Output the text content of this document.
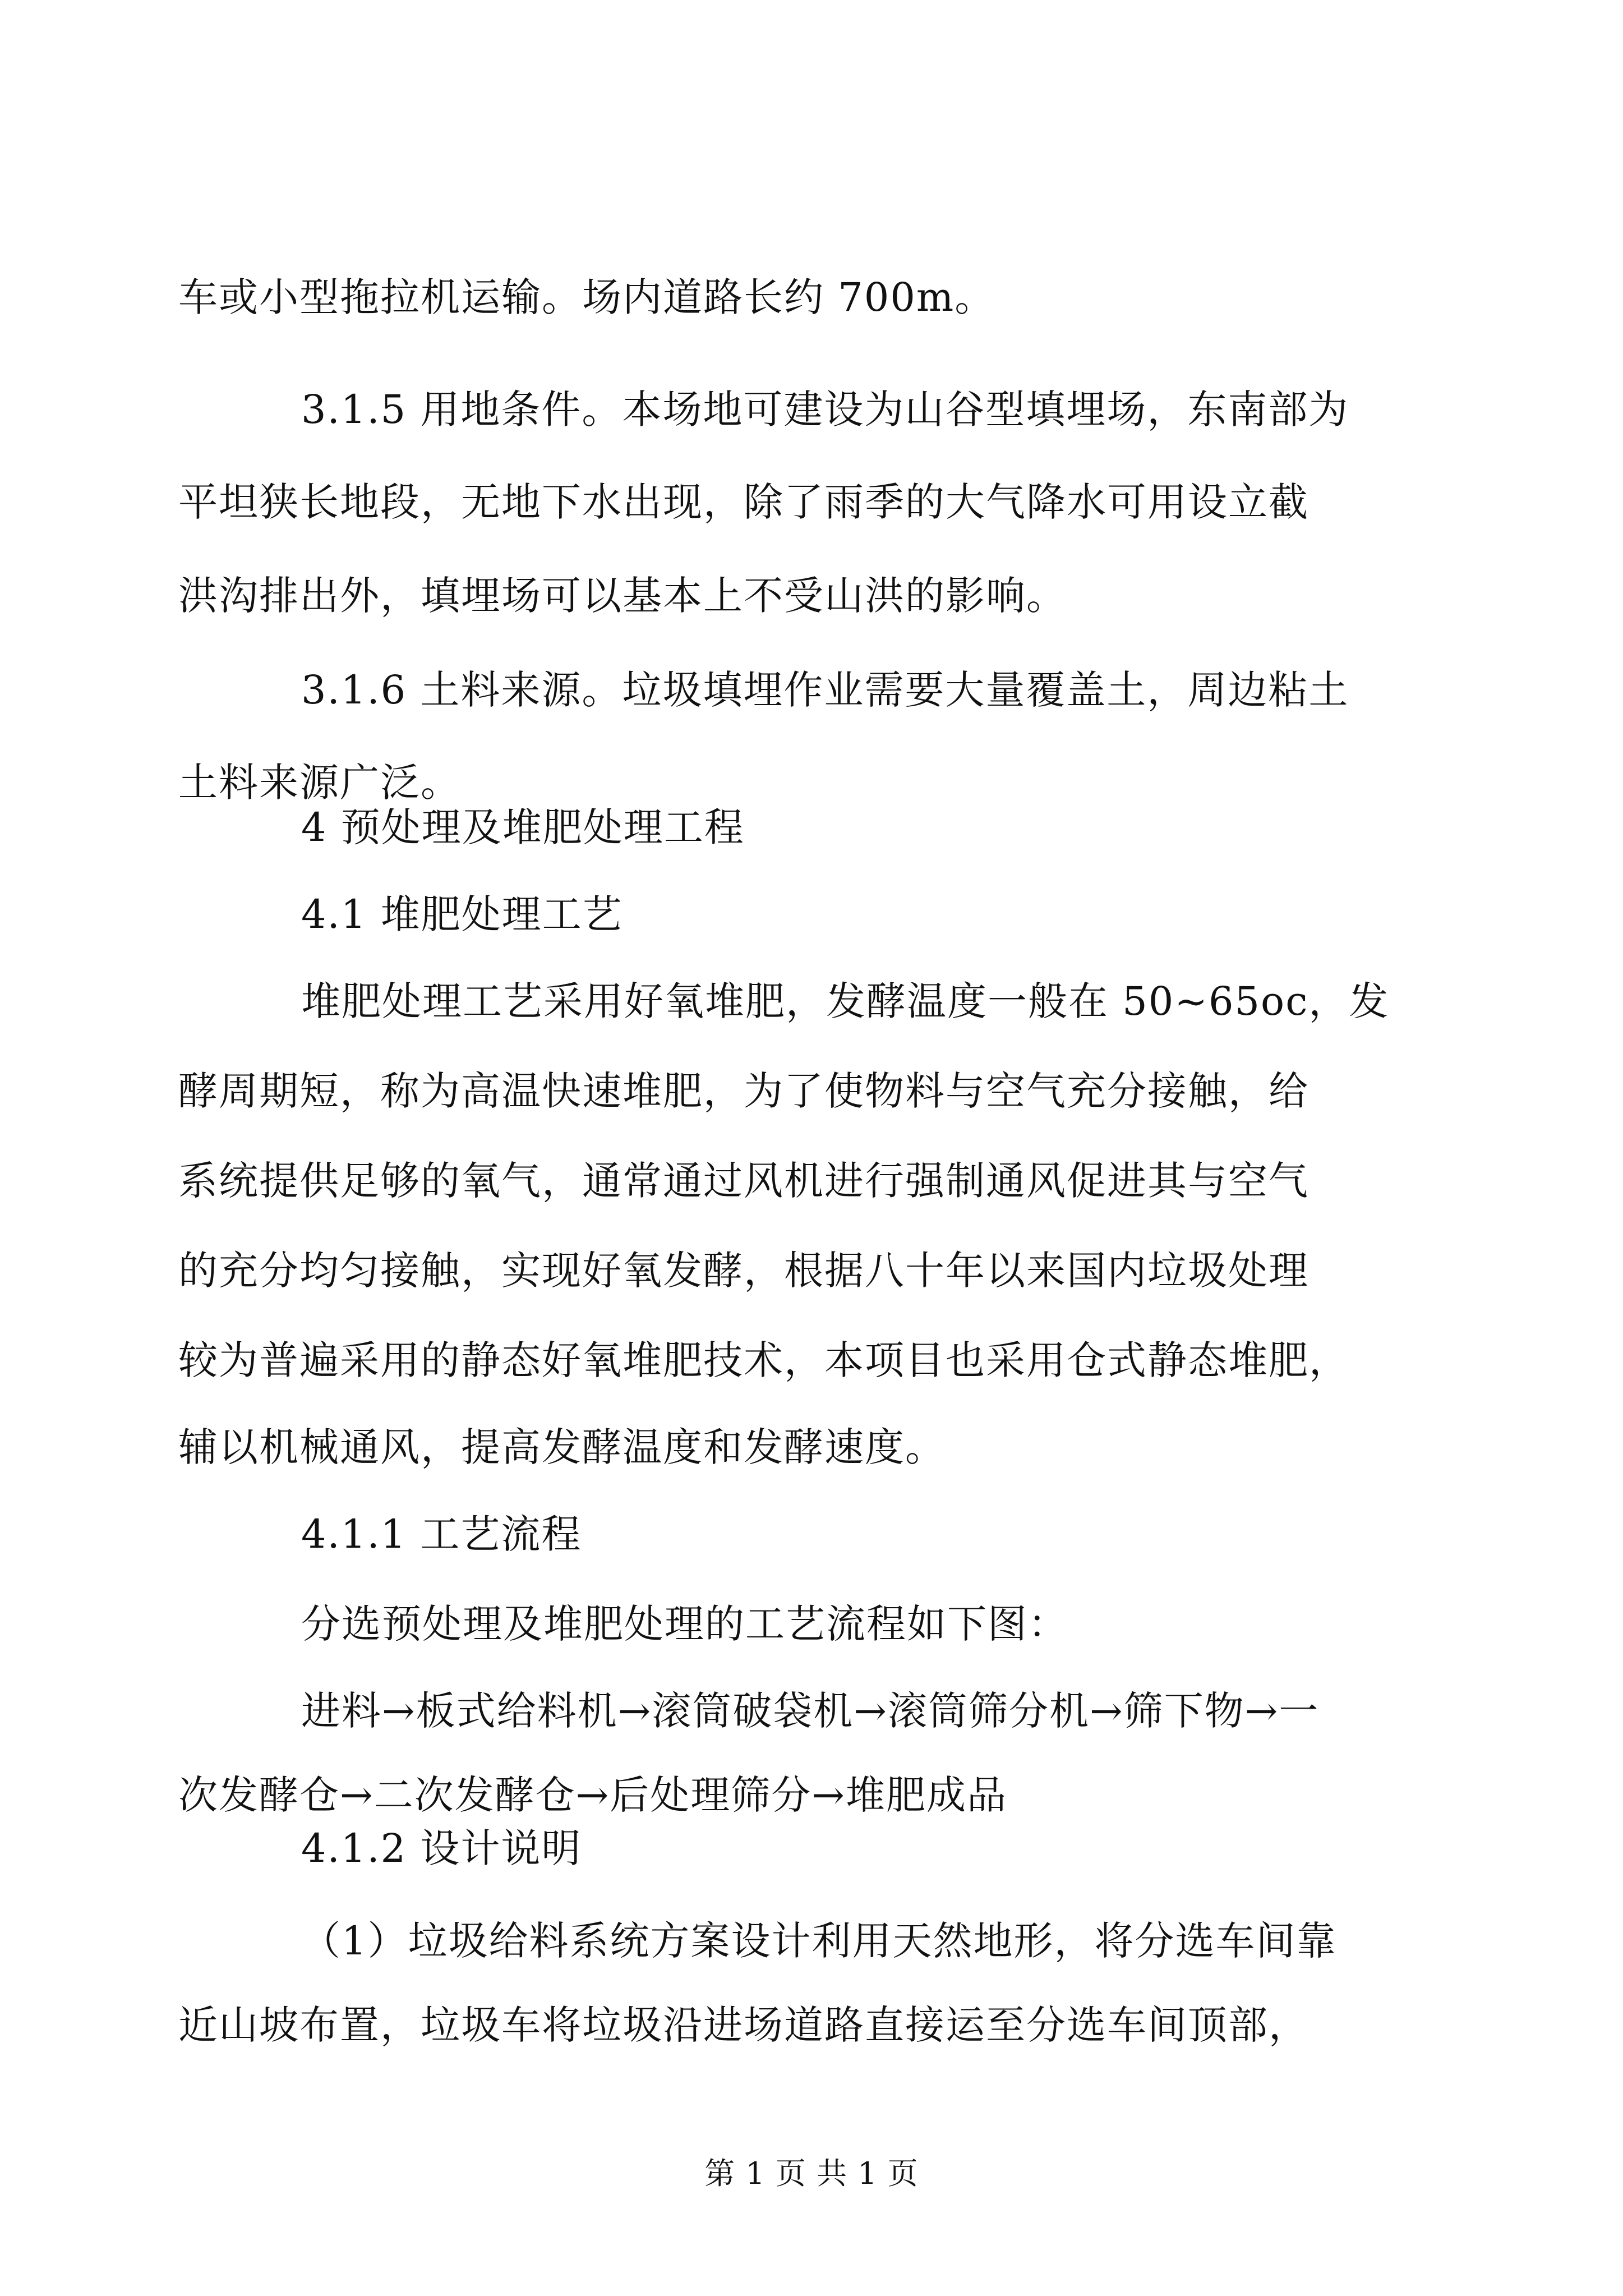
车或小型拖拉机运输。场内道路长约 700m。
3.1.5 用地条件。本场地可建设为山谷型填埋场，东南部为
平坦狭长地段，无地下水出现，除了雨季的大气降水可用设立截
洪沟排出外，填埋场可以基本上不受山洪的影响。
3.1.6 土料来源。垃圾填埋作业需要大量覆盖土，周边粘土
土料来源广泛。
4 预处理及堆肥处理工程
4.1 堆肥处理工艺
堆肥处理工艺采用好氧堆肥，发酵温度一般在 50~65oc，发
酵周期短，称为高温快速堆肥，为了使物料与空气充分接触，给
系统提供足够的氧气，通常通过风机进行强制通风促进其与空气
的充分均匀接触，实现好氧发酵，根据八十年以来国内垃圾处理
较为普遍采用的静态好氧堆肥技术，本项目也采用仓式静态堆肥，
辅以机械通风，提高发酵温度和发酵速度。
4.1.1 工艺流程
分选预处理及堆肥处理的工艺流程如下图：
进料→板式给料机→滚筒破袋机→滚筒筛分机→筛下物→一
次发酵仓→二次发酵仓→后处理筛分→堆肥成品
4.1.2 设计说明
（1）垃圾给料系统方案设计利用天然地形，将分选车间靠
近山坡布置，垃圾车将垃圾沿进场道路直接运至分选车间顶部，
第 1 页 共 1 页
